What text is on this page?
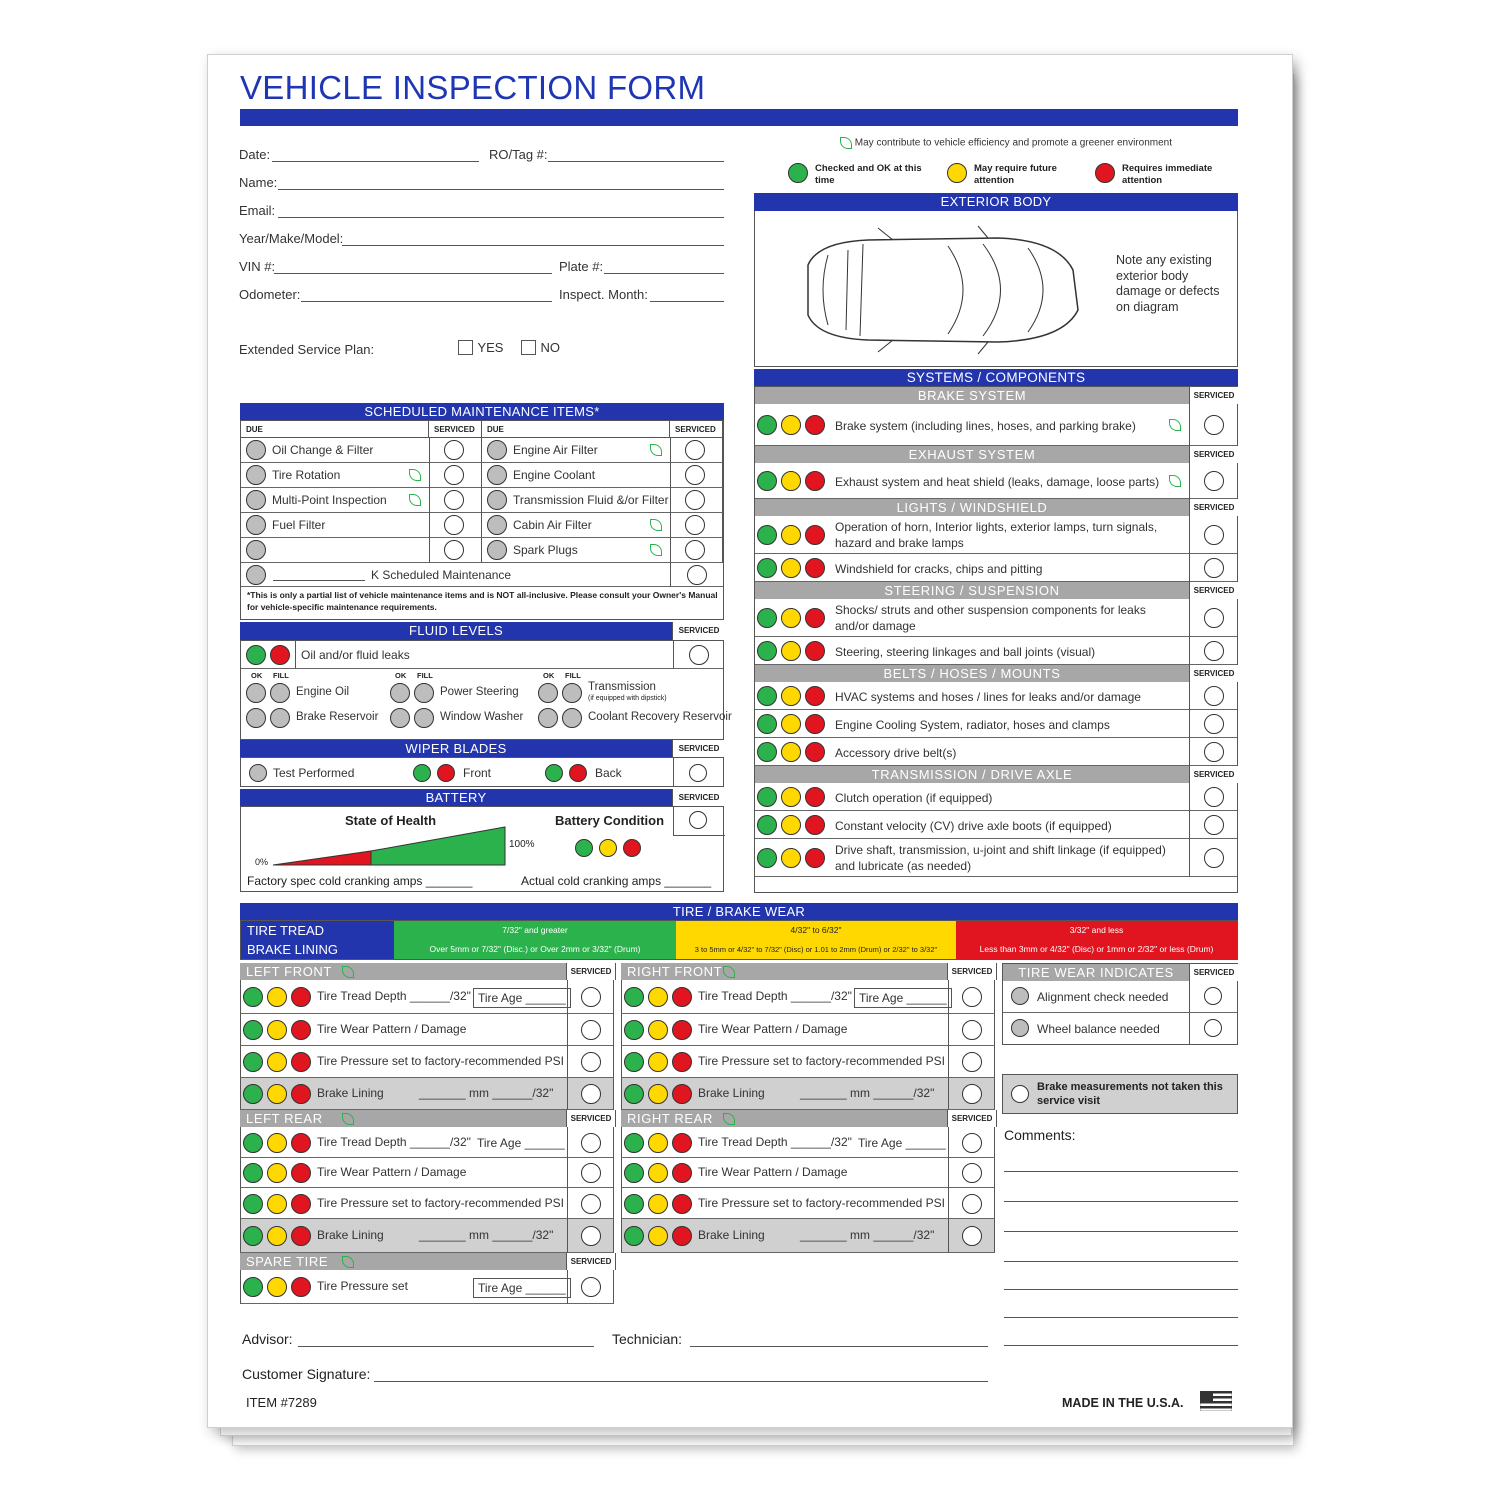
VEHICLE INSPECTION FORM
Date:	RO/Tag #:
Name:
Email:
Year/Make/Model:
VIN #:	Plate #:
Odometer:	Inspect. Month:
Extended Service Plan:	YES	NO
May contribute to vehicle efficiency and promote a greener environment
Checked and OK at this time
May require future attention
Requires immediate attention
EXTERIOR BODY
Note any existing exterior body damage or defects on diagram
SYSTEMS / COMPONENTS
BRAKE SYSTEM	SERVICED
Brake system (including lines, hoses, and parking brake)
EXHAUST SYSTEM	SERVICED
Exhaust system and heat shield (leaks, damage, loose parts)
LIGHTS / WINDSHIELD	SERVICED
Operation of horn, Interior lights, exterior lamps, turn signals, hazard and brake lamps
Windshield for cracks, chips and pitting
STEERING / SUSPENSION	SERVICED
Shocks/ struts and other suspension components for leaks and/or damage
Steering, steering linkages and ball joints (visual)
BELTS / HOSES / MOUNTS	SERVICED
HVAC systems and hoses / lines for leaks and/or damage
Engine Cooling System, radiator, hoses and clamps
Accessory drive belt(s)
TRANSMISSION / DRIVE AXLE	SERVICED
Clutch operation (if equipped)
Constant velocity (CV) drive axle boots (if equipped)
Drive shaft, transmission, u-joint and shift linkage (if equipped) and lubricate (as needed)
SCHEDULED MAINTENANCE ITEMS*
DUE	SERVICED	DUE	SERVICED
Oil Change & Filter	Engine Air Filter
Tire Rotation	Engine Coolant
Multi-Point Inspection	Transmission Fluid &/or Filter
Fuel Filter	Cabin Air Filter
Spark Plugs
K Scheduled Maintenance
*This is only a partial list of vehicle maintenance items and is NOT all-inclusive. Please consult your Owner's Manual for vehicle-specific maintenance requirements.
FLUID LEVELS	SERVICED
Oil and/or fluid leaks
OK FILL
Engine Oil
Brake Reservoir
OK FILL
Power Steering
Window Washer
OK FILL
Transmission
Coolant Recovery Reservoir
(if equipped with dipstick)
WIPER BLADES	SERVICED
Test Performed	Front	Back
BATTERY	SERVICED
State of Health	Battery Condition
0%
100%
Factory spec cold cranking amps _______	Actual cold cranking amps _______
TIRE / BRAKE WEAR
TIRE TREAD
BRAKE LINING
7/32" and greater
Over 5mm or 7/32" (Disc.) or Over 2mm or 3/32" (Drum)
4/32" to 6/32"
3 to 5mm or 4/32" to 7/32" (Disc) or 1.01 to 2mm (Drum) or 2/32" to 3/32"
3/32" and less
Less than 3mm or 4/32" (Disc) or 1mm or 2/32" or less (Drum)
LEFT FRONT	SERVICED
Tire Tread Depth ______/32" Tire Age ______
Tire Wear Pattern / Damage
Tire Pressure set to factory-recommended PSI
Brake Lining	_______ mm ______/32"
LEFT REAR	SERVICED
Tire Tread Depth ______/32" Tire Age ______
Tire Wear Pattern / Damage
Tire Pressure set to factory-recommended PSI
Brake Lining	_______ mm ______/32"
SPARE TIRE	SERVICED
Tire Pressure set	Tire Age ______
RIGHT FRONT	SERVICED
Tire Tread Depth ______/32" Tire Age ______
Tire Wear Pattern / Damage
Tire Pressure set to factory-recommended PSI
Brake Lining	_______ mm ______/32"
RIGHT REAR	SERVICED
Tire Tread Depth ______/32" Tire Age ______
Tire Wear Pattern / Damage
Tire Pressure set to factory-recommended PSI
Brake Lining	_______ mm ______/32"
TIRE WEAR INDICATES	SERVICED
Alignment check needed
Wheel balance needed
Brake measurements not taken this service visit
Comments:
Advisor:	Technician:
Customer Signature:
ITEM #7289	MADE IN THE U.S.A.
